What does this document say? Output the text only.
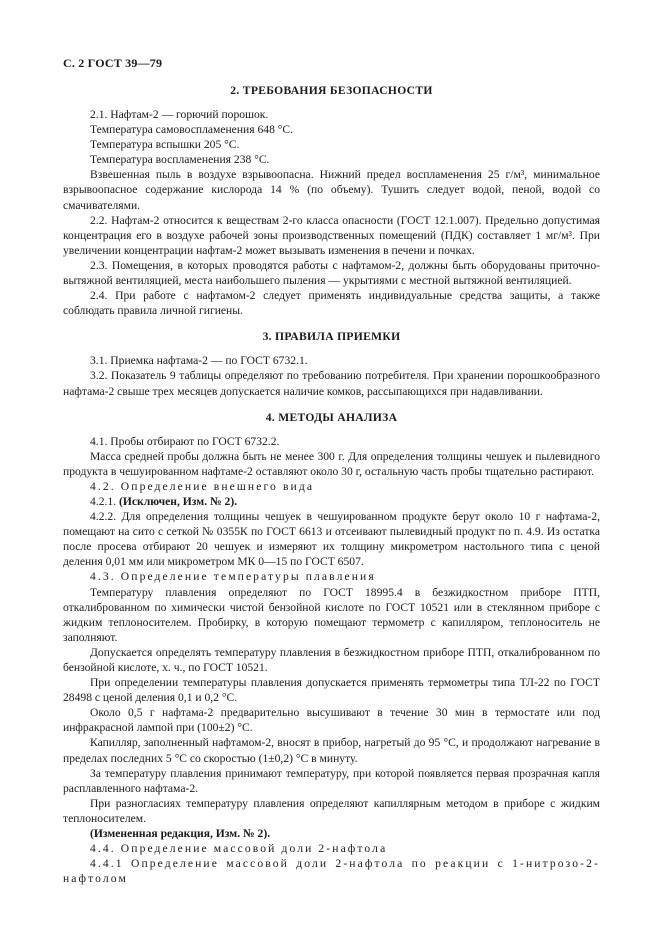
С. 2 ГОСТ 39—79
2. ТРЕБОВАНИЯ БЕЗОПАСНОСТИ

2.1. Нафтам-2 — горючий порошок.

Температура самовоспламенения 648 °С.

Температура вспышки 205 °С.

Температура воспламенения 238 °С.

Взвешенная пыль в воздухе взрывоопасна. Нижний предел воспламенения 25 г/м³, минимальное взрывоопасное содержание кислорода 14 % (по объему). Тушить следует водой, пеной, водой со смачивателями.

2.2. Нафтам-2 относится к веществам 2-го класса опасности (ГОСТ 12.1.007). Предельно допустимая концентрация его в воздухе рабочей зоны производственных помещений (ПДК) составляет 1 мг/м³. При увеличении концентрации нафтам-2 может вызывать изменения в печени и почках.

2.3. Помещения, в которых проводятся работы с нафтамом-2, должны быть оборудованы приточно-вытяжной вентиляцией, места наибольшего пыления — укрытиями с местной вытяжной вентиляцией.

2.4. При работе с нафтамом-2 следует применять индивидуальные средства защиты, а также соблюдать правила личной гигиены.

3. ПРАВИЛА ПРИЕМКИ

3.1. Приемка нафтама-2 — по ГОСТ 6732.1.

3.2. Показатель 9 таблицы определяют по требованию потребителя. При хранении порошкообразного нафтама-2 свыше трех месяцев допускается наличие комков, рассыпающихся при надавливании.

4. МЕТОДЫ АНАЛИЗА

4.1. Пробы отбирают по ГОСТ 6732.2.

Масса средней пробы должна быть не менее 300 г. Для определения толщины чешуек и пылевидного продукта в чешуированном нафтаме-2 оставляют около 30 г, остальную часть пробы тщательно растирают.

4.2. Определение внешнего вида

4.2.1. (Исключен, Изм. № 2).

4.2.2. Для определения толщины чешуек в чешуированном продукте берут около 10 г нафтама-2, помещают на сито с сеткой № 0355К по ГОСТ 6613 и отсеивают пылевидный продукт по п. 4.9. Из остатка после просева отбирают 20 чешуек и измеряют их толщину микрометром настольного типа с ценой деления 0,01 мм или микрометром МК 0—15 по ГОСТ 6507.

4.3. Определение температуры плавления

Температуру плавления определяют по ГОСТ 18995.4 в безжидкостном приборе ПТП, откалиброванном по химически чистой бензойной кислоте по ГОСТ 10521 или в стеклянном приборе с жидким теплоносителем. Пробирку, в которую помещают термометр с капилляром, теплоноситель не заполняют.

Допускается определять температуру плавления в безжидкостном приборе ПТП, откалиброванном по бензойной кислоте, х. ч., по ГОСТ 10521.

При определении температуры плавления допускается применять термометры типа ТЛ-22 по ГОСТ 28498 с ценой деления 0,1 и 0,2 °С.

Около 0,5 г нафтама-2 предварительно высушивают в течение 30 мин в термостате или под инфракрасной лампой при (100±2) °С.

Капилляр, заполненный нафтамом-2, вносят в прибор, нагретый до 95 °С, и продолжают нагревание в пределах последних 5 °С со скоростью (1±0,2) °С в минуту.

За температуру плавления принимают температуру, при которой появляется первая прозрачная капля расплавленного нафтама-2.

При разногласиях температуру плавления определяют капиллярным методом в приборе с жидким теплоносителем.

(Измененная редакция, Изм. № 2).

4.4. Определение массовой доли 2-нафтола

4.4.1 Определение массовой доли 2-нафтола по реакции с 1-нитрозо-2-нафтолом
